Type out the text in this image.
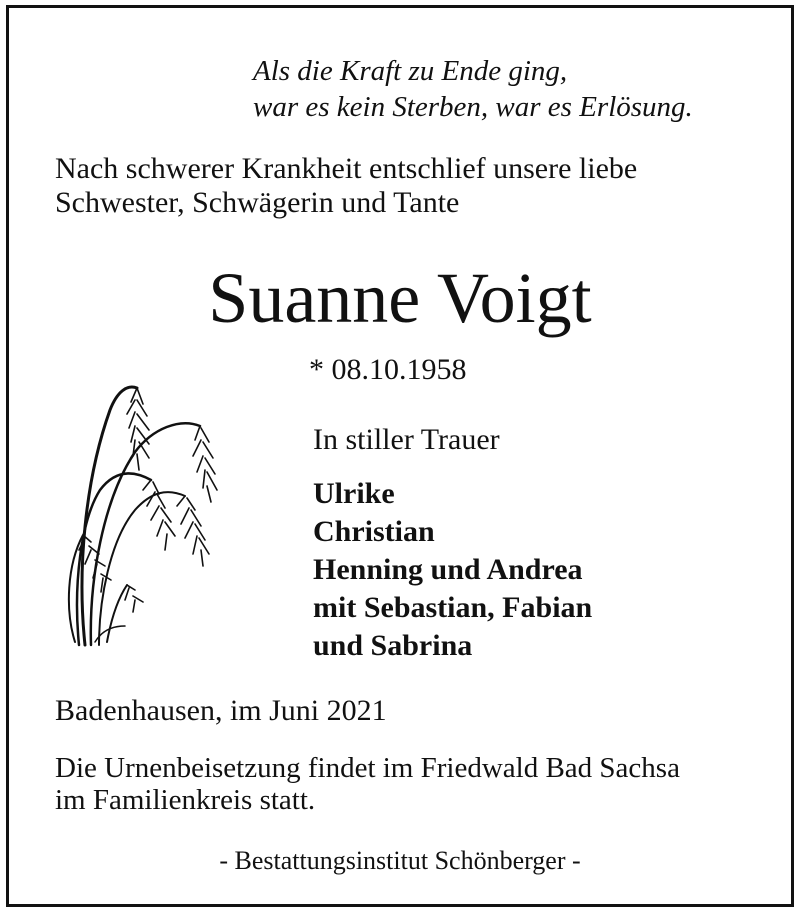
Als die Kraft zu Ende ging,
war es kein Sterben, war es Erlösung.
Nach schwerer Krankheit entschlief unsere liebe
Schwester, Schwägerin und Tante
Suanne Voigt
* 08.10.1958
In stiller Trauer
Ulrike
Christian
Henning und Andrea
mit Sebastian, Fabian
und Sabrina
Badenhausen, im Juni 2021
Die Urnenbeisetzung findet im Friedwald Bad Sachsa
im Familienkreis statt.
- Bestattungsinstitut Schönberger -
